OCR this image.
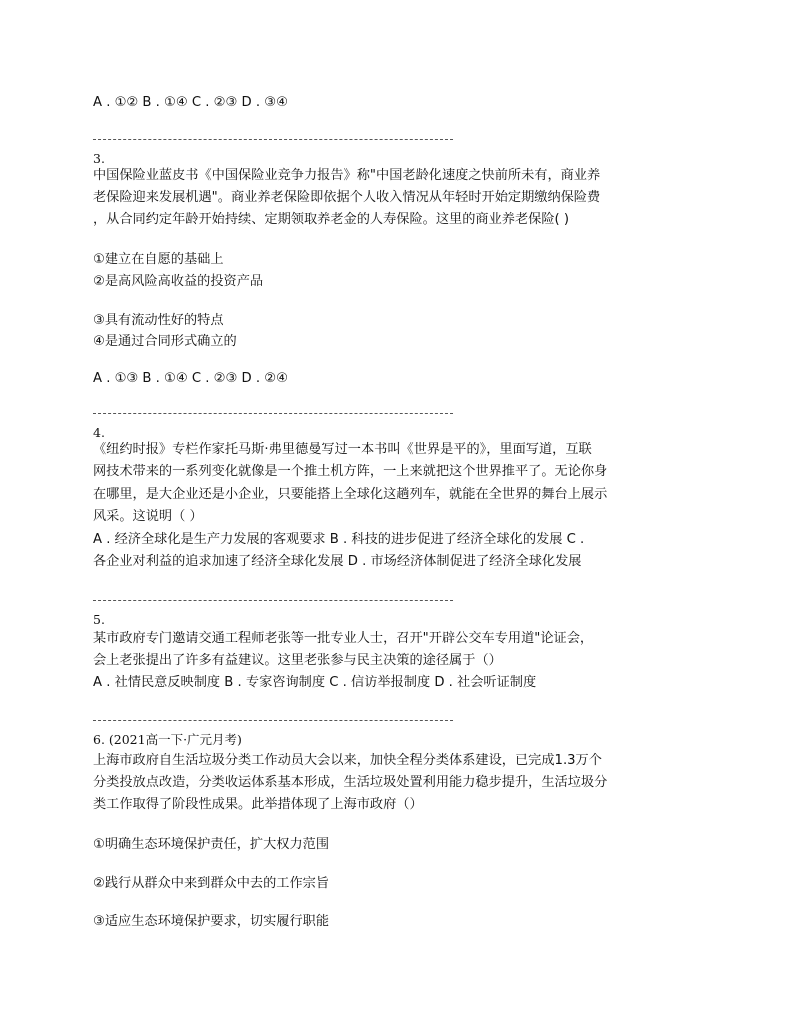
A . ①② B . ①④ C . ②③ D . ③④
3.
中国保险业蓝皮书《中国保险业竞争力报告》称"中国老龄化速度之快前所未有，商业养
老保险迎来发展机遇"。商业养老保险即依据个人收入情况从年轻时开始定期缴纳保险费
，从合同约定年龄开始持续、定期领取养老金的人寿保险。这里的商业养老保险( )
①建立在自愿的基础上
②是高风险高收益的投资产品
③具有流动性好的特点
④是通过合同形式确立的
A . ①③ B . ①④ C . ②③ D . ②④
4.
《纽约时报》专栏作家托马斯·弗里德曼写过一本书叫《世界是平的》，里面写道，互联
网技术带来的一系列变化就像是一个推土机方阵，一上来就把这个世界推平了。无论你身
在哪里，是大企业还是小企业，只要能搭上全球化这趟列车，就能在全世界的舞台上展示
风采。这说明（ ）
A . 经济全球化是生产力发展的客观要求 B . 科技的进步促进了经济全球化的发展 C .
各企业对利益的追求加速了经济全球化发展 D . 市场经济体制促进了经济全球化发展
5.
某市政府专门邀请交通工程师老张等一批专业人士，召开"开辟公交车专用道"论证会，
会上老张提出了许多有益建议。这里老张参与民主决策的途径属于（）
A . 社情民意反映制度 B . 专家咨询制度 C . 信访举报制度 D . 社会听证制度
6. (2021高一下·广元月考)
上海市政府自生活垃圾分类工作动员大会以来，加快全程分类体系建设，已完成1.3万个
分类投放点改造，分类收运体系基本形成，生活垃圾处置利用能力稳步提升，生活垃圾分
类工作取得了阶段性成果。此举措体现了上海市政府（）
①明确生态环境保护责任，扩大权力范围
②践行从群众中来到群众中去的工作宗旨
③适应生态环境保护要求，切实履行职能
